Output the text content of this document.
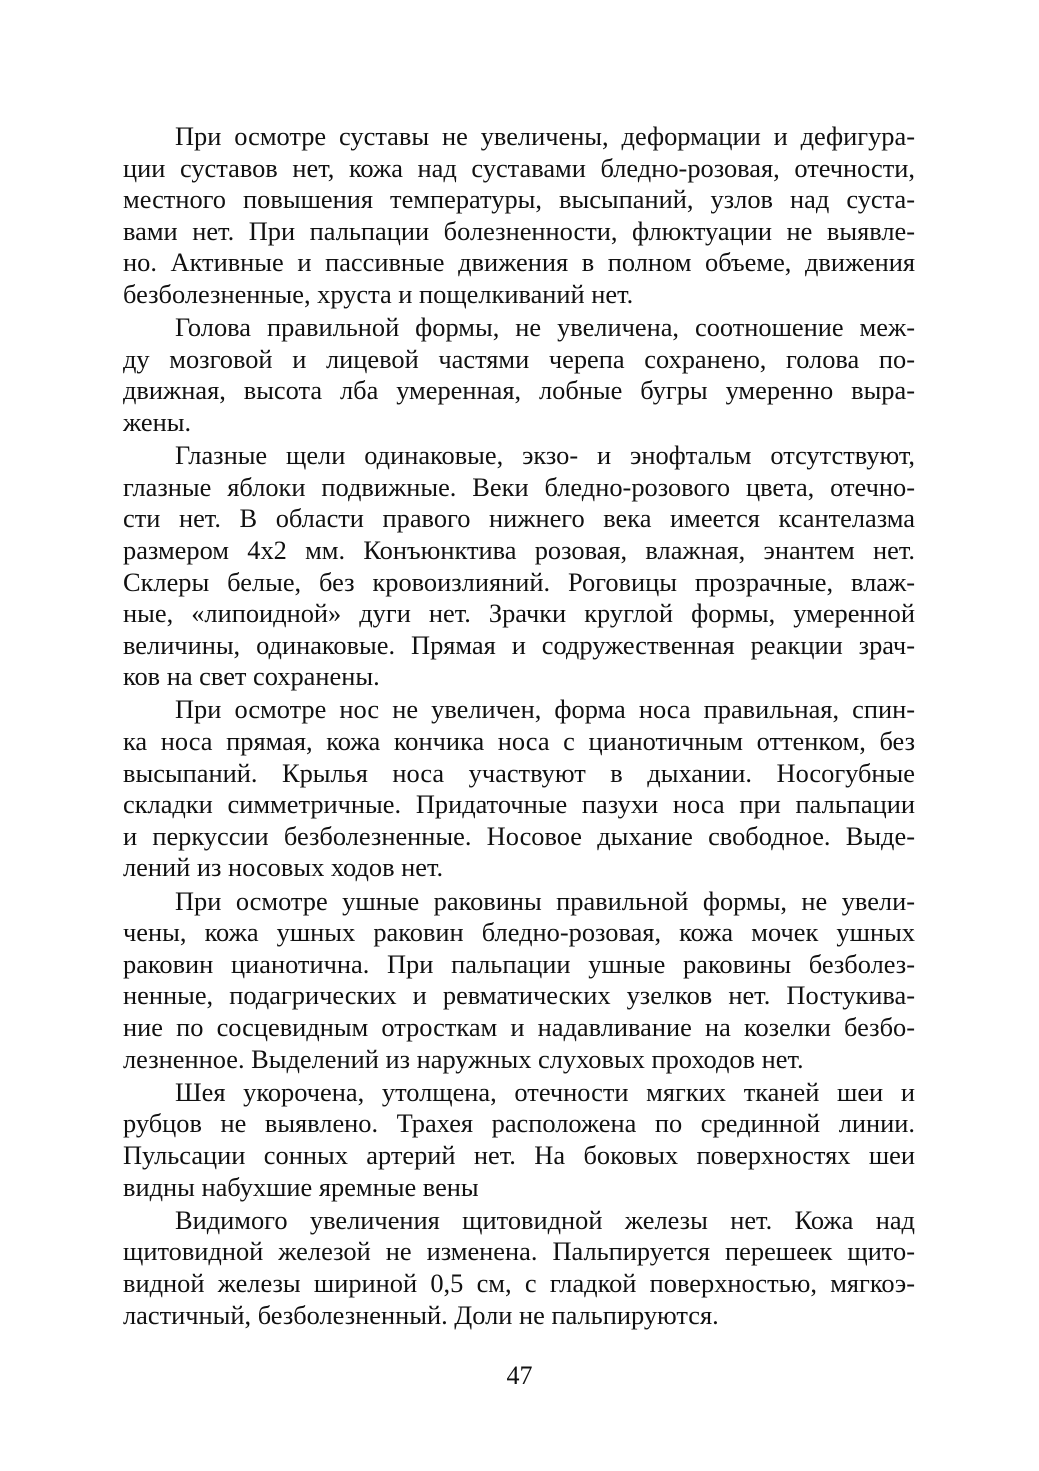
При осмотре суставы не увеличены, деформации и дефигура-
ции суставов нет, кожа над суставами бледно-розовая, отечности,
местного повышения температуры, высыпаний, узлов над суста-
вами нет. При пальпации болезненности, флюктуации не выявле-
но. Активные и пассивные движения в полном объеме, движения
безболезненные, хруста и пощелкиваний нет.
Голова правильной формы, не увеличена, соотношение меж-
ду мозговой и лицевой частями черепа сохранено, голова по-
движная, высота лба умеренная, лобные бугры умеренно выра-
жены.
Глазные щели одинаковые, экзо- и энофтальм отсутствуют,
глазные яблоки подвижные. Веки бледно-розового цвета, отечно-
сти нет. В области правого нижнего века имеется ксантелазма
размером 4х2 мм. Конъюнктива розовая, влажная, энантем нет.
Склеры белые, без кровоизлияний. Роговицы прозрачные, влаж-
ные, «липоидной» дуги нет. Зрачки круглой формы, умеренной
величины, одинаковые. Прямая и содружественная реакции зрач-
ков на свет сохранены.
При осмотре нос не увеличен, форма носа правильная, спин-
ка носа прямая, кожа кончика носа с цианотичным оттенком, без
высыпаний. Крылья носа участвуют в дыхании. Носогубные
складки симметричные. Придаточные пазухи носа при пальпации
и перкуссии безболезненные. Носовое дыхание свободное. Выде-
лений из носовых ходов нет.
При осмотре ушные раковины правильной формы, не увели-
чены, кожа ушных раковин бледно-розовая, кожа мочек ушных
раковин цианотична. При пальпации ушные раковины безболез-
ненные, подагрических и ревматических узелков нет. Постукива-
ние по сосцевидным отросткам и надавливание на козелки безбо-
лезненное. Выделений из наружных слуховых проходов нет.
Шея укорочена, утолщена, отечности мягких тканей шеи и
рубцов не выявлено. Трахея расположена по срединной линии.
Пульсации сонных артерий нет. На боковых поверхностях шеи
видны набухшие яремные вены
Видимого увеличения щитовидной железы нет. Кожа над
щитовидной железой не изменена. Пальпируется перешеек щито-
видной железы шириной 0,5 см, с гладкой поверхностью, мягкоэ-
ластичный, безболезненный. Доли не пальпируются.
47
